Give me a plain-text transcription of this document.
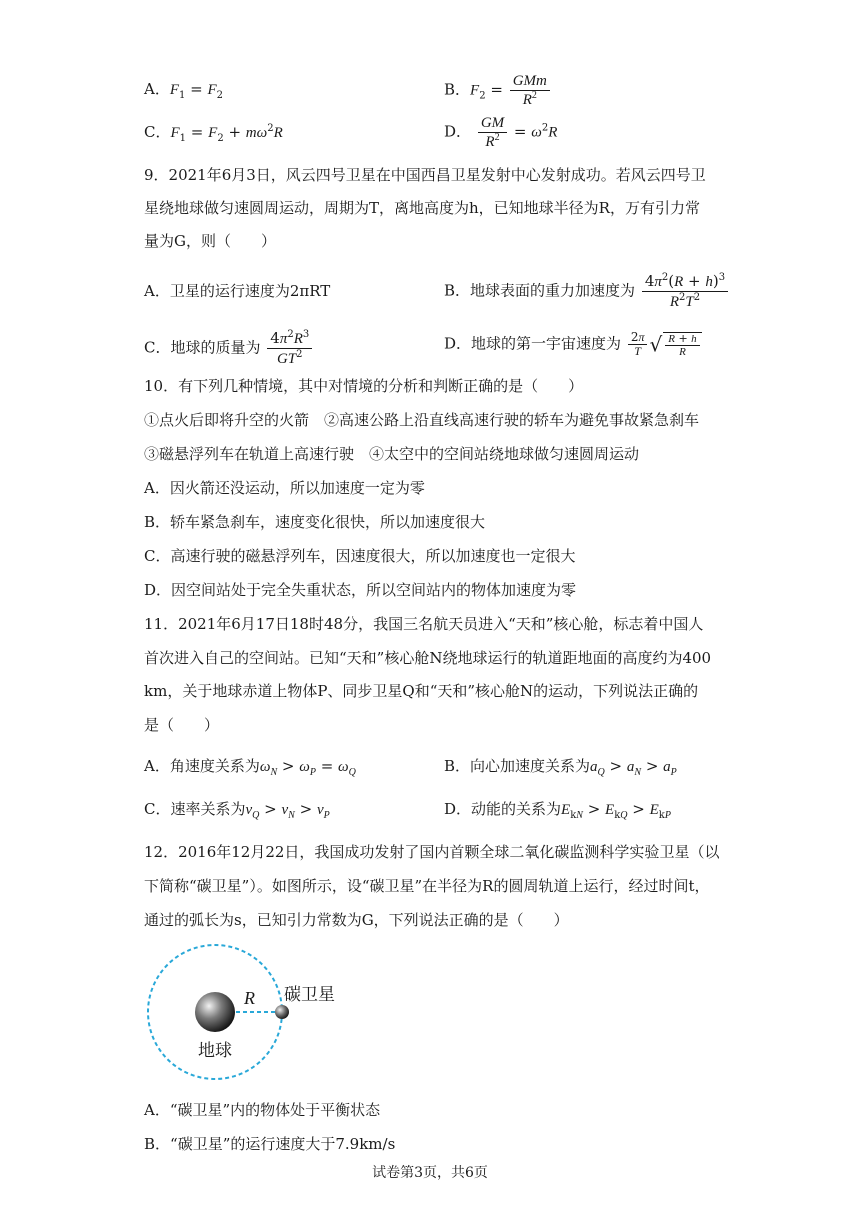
A．$F_1 = F_2$	B．$F_2 = \frac{\text{GMm}}{R^2}$
C．$F_1 = F_2 + m\omega^2R$	D． $\frac{GM}{R^2} = \omega^2R$
9．2021年6月3日，风云四号卫星在中国西昌卫星发射中心发射成功。若风云四号卫
星绕地球做匀速圆周运动，周期为T，离地高度为h，已知地球半径为R，万有引力常
量为G，则（　　）
A．卫星的运行速度为2πRT	B．地球表面的重力加速度为 $\frac{4\pi^2(R + h)^3}{R^2T^2}$
C．地球的质量为 $\frac{4\pi^2R^3}{GT^2}$	D．地球的第一宇宙速度为 $\frac{2\pi}{T}$ √ $\frac{R + h}{R}$
10．有下列几种情境，其中对情境的分析和判断正确的是（　　）
①点火后即将升空的火箭　②高速公路上沿直线高速行驶的轿车为避免事故紧急刹车
③磁悬浮列车在轨道上高速行驶　④太空中的空间站绕地球做匀速圆周运动
A．因火箭还没运动，所以加速度一定为零
B．轿车紧急刹车，速度变化很快，所以加速度很大
C．高速行驶的磁悬浮列车，因速度很大，所以加速度也一定很大
D．因空间站处于完全失重状态，所以空间站内的物体加速度为零
11．2021年6月17日18时48分，我国三名航天员进入“天和”核心舱，标志着中国人
首次进入自己的空间站。已知“天和”核心舱N绕地球运行的轨道距地面的高度约为400
km，关于地球赤道上物体P、同步卫星Q和“天和”核心舱N的运动，下列说法正确的
是（　　）
A．角速度关系为$\omega_N > \omega_P = \omega_Q$	B．向心加速度关系为$a_Q > a_N > a_P$
C．速率关系为$v_Q > v_N > v_P$	D．动能的关系为$E_{kN} > E_{kQ} > E_{kP}$
12．2016年12月22日，我国成功发射了国内首颗全球二氧化碳监测科学实验卫星（以
下简称“碳卫星”）。如图所示，设“碳卫星”在半径为R的圆周轨道上运行，经过时间t，
通过的弧长为s，已知引力常数为G，下列说法正确的是（　　）
R 碳卫星
地球
A．“碳卫星”内的物体处于平衡状态
B．“碳卫星”的运行速度大于7.9km/s
试卷第3页，共6页
